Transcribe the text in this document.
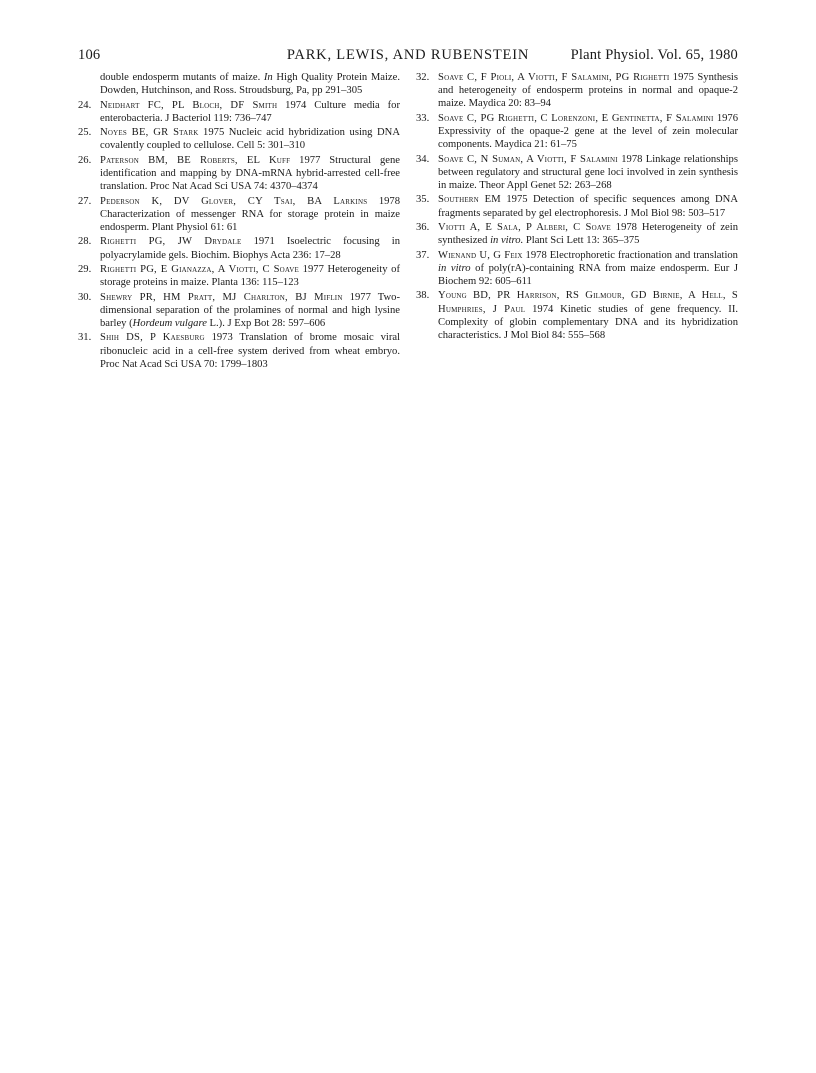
106	PARK, LEWIS, AND RUBENSTEIN	Plant Physiol. Vol. 65, 1980

double endosperm mutants of maize. In High Quality Protein Maize. Dowden, Hutchinson, and Ross. Stroudsburg, Pa, pp 291–305

24. Neidhart FC, PL Bloch, DF Smith 1974 Culture media for enterobacteria. J Bacteriol 119: 736–747

25. Noyes BE, GR Stark 1975 Nucleic acid hybridization using DNA covalently coupled to cellulose. Cell 5: 301–310

26. Paterson BM, BE Roberts, EL Kuff 1977 Structural gene identification and mapping by DNA-mRNA hybrid-arrested cell-free translation. Proc Nat Acad Sci USA 74: 4370–4374

27. Pederson K, DV Glover, CY Tsai, BA Larkins 1978 Characterization of messenger RNA for storage protein in maize endosperm. Plant Physiol 61: 61

28. Righetti PG, JW Drydale 1971 Isoelectric focusing in polyacrylamide gels. Biochim. Biophys Acta 236: 17–28

29. Righetti PG, E Gianazza, A Viotti, C Soave 1977 Heterogeneity of storage proteins in maize. Planta 136: 115–123

30. Shewry PR, HM Pratt, MJ Charlton, BJ Miflin 1977 Two-dimensional separation of the prolamines of normal and high lysine barley (Hordeum vulgare L.). J Exp Bot 28: 597–606

31. Shih DS, P Kaesburg 1973 Translation of brome mosaic viral ribonucleic acid in a cell-free system derived from wheat embryo. Proc Nat Acad Sci USA 70: 1799–1803

32. Soave C, F Pioli, A Viotti, F Salamini, PG Righetti 1975 Synthesis and heterogeneity of endosperm proteins in normal and opaque-2 maize. Maydica 20: 83–94

33. Soave C, PG Righetti, C Lorenzoni, E Gentinetta, F Salamini 1976 Expressivity of the opaque-2 gene at the level of zein molecular components. Maydica 21: 61–75

34. Soave C, N Suman, A Viotti, F Salamini 1978 Linkage relationships between regulatory and structural gene loci involved in zein synthesis in maize. Theor Appl Genet 52: 263–268

35. Southern EM 1975 Detection of specific sequences among DNA fragments separated by gel electrophoresis. J Mol Biol 98: 503–517

36. Viotti A, E Sala, P Alberi, C Soave 1978 Heterogeneity of zein synthesized in vitro. Plant Sci Lett 13: 365–375

37. Wienand U, G Feix 1978 Electrophoretic fractionation and translation in vitro of poly(rA)-containing RNA from maize endosperm. Eur J Biochem 92: 605–611

38. Young BD, PR Harrison, RS Gilmour, GD Birnie, A Hell, S Humphries, J Paul 1974 Kinetic studies of gene frequency. II. Complexity of globin complementary DNA and its hybridization characteristics. J Mol Biol 84: 555–568
